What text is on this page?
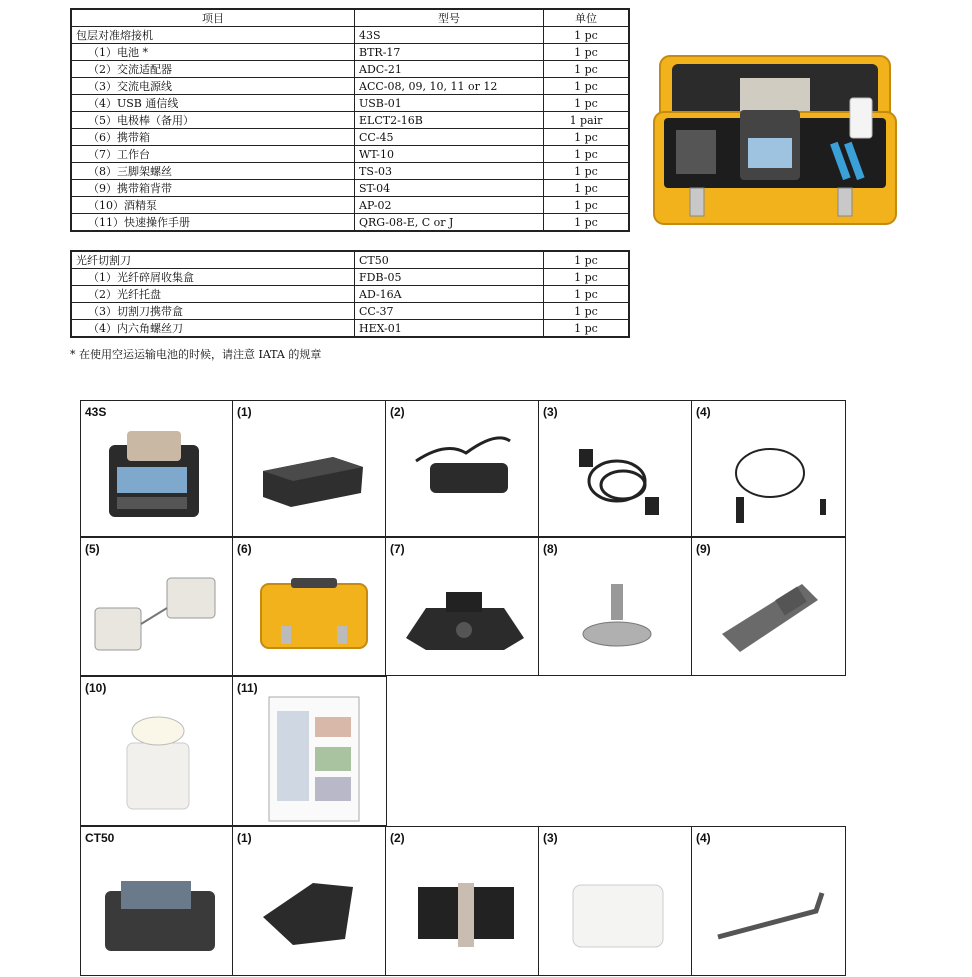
项目	型号	单位
包层对准熔接机	43S	1 pc
（1）电池 *	BTR-17	1 pc
（2）交流适配器	ADC-21	1 pc
（3）交流电源线	ACC-08, 09, 10, 11 or 12	1 pc
（4）USB 通信线	USB-01	1 pc
（5）电极棒（备用）	ELCT2-16B	1 pair
（6）携带箱	CC-45	1 pc
（7）工作台	WT-10	1 pc
（8）三脚架螺丝	TS-03	1 pc
（9）携带箱背带	ST-04	1 pc
（10）酒精泵	AP-02	1 pc
（11）快速操作手册	QRG-08-E, C or J	1 pc
光纤切割刀	CT50	1 pc
（1）光纤碎屑收集盒	FDB-05	1 pc
（2）光纤托盘	AD-16A	1 pc
（3）切割刀携带盒	CC-37	1 pc
（4）内六角螺丝刀	HEX-01	1 pc
* 在使用空运运输电池的时候，请注意 IATA 的规章
43S	(1)	(2)	(3)	(4)
(5)	(6)	(7)	(8)	(9)
(10)	(11)
CT50	(1)	(2)	(3)	(4)
